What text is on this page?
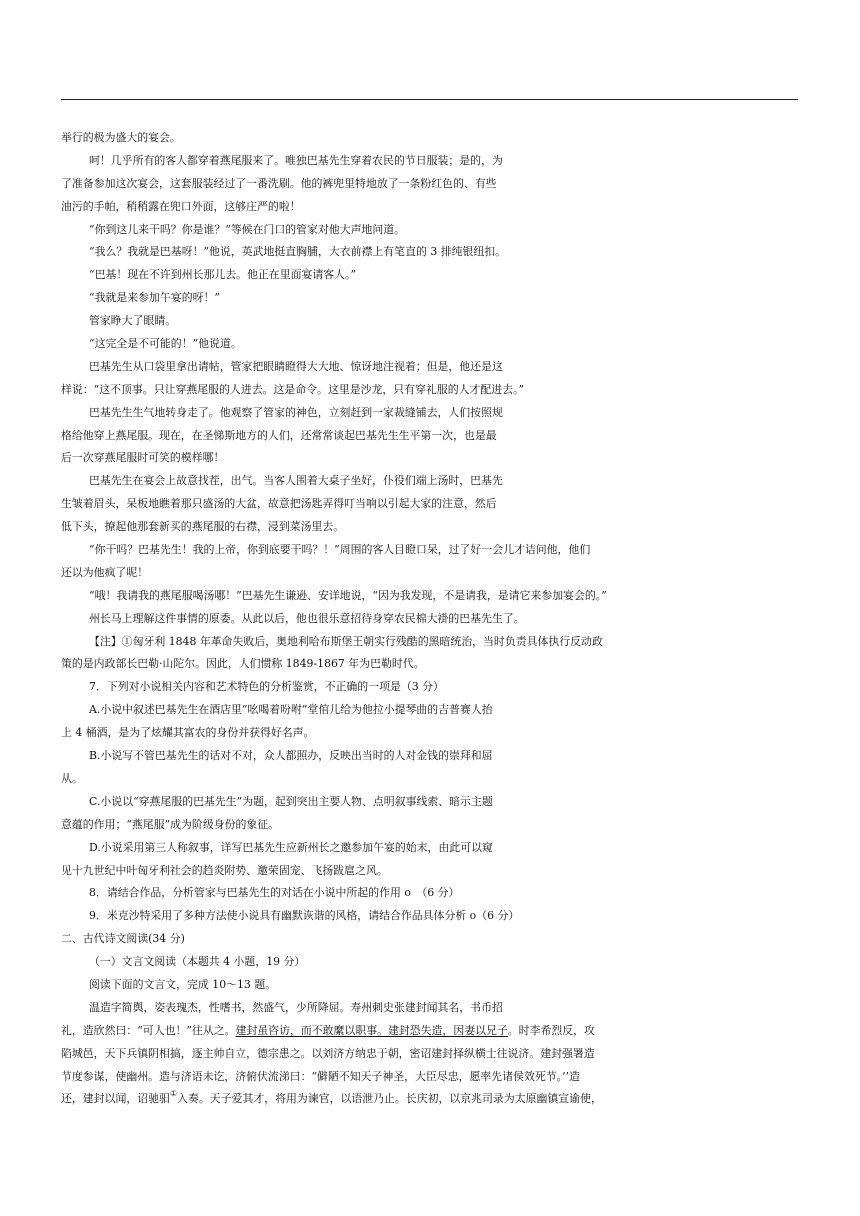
举行的极为盛大的宴会。
呵！几乎所有的客人都穿着燕尾服来了。唯独巴基先生穿着农民的节日服装；是的，为
了准备参加这次宴会，这套服装经过了一番洗刷。他的裤兜里特地放了一条粉红色的、有些
油污的手帕，稍稍露在兜口外面，这够庄严的啦！
“你到这儿来干吗？你是谁？”等候在门口的管家对他大声地问道。
“我么？我就是巴基呀！”他说，英武地挺直胸脯，大衣前襟上有笔直的 3 排纯银纽扣。
“巴基！现在不许到州长那儿去。他正在里面宴请客人。”
“我就是来参加午宴的呀！”
管家睁大了眼睛。
“这完全是不可能的！”他说道。
巴基先生从口袋里拿出请帖，管家把眼睛瞪得大大地、惊讶地注视着；但是，他还是这
样说：“这不顶事。只让穿燕尾服的人进去。这是命令。这里是沙龙，只有穿礼服的人才配进去。”
巴基先生生气地转身走了。他观察了管家的神色，立刻赶到一家裁缝铺去，人们按照规
格给他穿上燕尾服。现在，在圣悌斯地方的人们，还常常谈起巴基先生生平第一次，也是最
后一次穿燕尾服时可笑的模样哪！
巴基先生在宴会上故意找茬，出气。当客人围着大桌子坐好，仆役们端上汤时，巴基先
生皱着眉头，呆板地瞧着那只盛汤的大盆，故意把汤匙弄得叮当响以引起大家的注意，然后
低下头，撩起他那套新买的燕尾服的右襟，浸到菜汤里去。
“你干吗？巴基先生！我的上帝，你到底要干吗？！”周围的客人目瞪口呆，过了好一会儿才诘问他，他们
还以为他疯了呢！
“哦！我请我的燕尾服喝汤哪！”巴基先生谦逊、安详地说，“因为我发现，不是请我，是请它来参加宴会的。”
州长马上理解这件事情的原委。从此以后，他也很乐意招待身穿农民棉大褂的巴基先生了。
【注】①匈牙利 1848 年革命失败后，奥地利哈布斯堡王朝实行残酷的黑暗统治，当时负责具体执行反动政
策的是内政部长巴勒·山陀尔。因此，人们惯称 1849-1867 年为巴勒时代。
7．下列对小说相关内容和艺术特色的分析鉴赏，不正确的一项是（3 分）
A.小说中叙述巴基先生在酒店里“吆喝着吩咐”堂倌儿给为他拉小提琴曲的吉普赛人抬
上 4 桶酒，是为了炫耀其富农的身份并获得好名声。
B.小说写不管巴基先生的话对不对，众人都照办，反映出当时的人对金钱的崇拜和屈
从。
C.小说以“穿燕尾服的巴基先生”为题，起到突出主要人物、点明叙事线索、暗示主题
意蕴的作用；“燕尾服”成为阶级身份的象征。
D.小说采用第三人称叙事，详写巴基先生应新州长之邀参加午宴的始末，由此可以窥
见十九世纪中叶匈牙利社会的趋炎附势、邀荣固宠、飞扬跋扈之风。
8．请结合作品，分析管家与巴基先生的对话在小说中所起的作用 o　（6 分）
9．米克沙特采用了多种方法使小说具有幽默诙谐的风格，请结合作品具体分析 o（6 分）
二、古代诗文阅读(34 分)
（一）文言文阅读（本题共 4 小题，19 分）
阅读下面的文言文，完成 10～13 题。
温造字简舆，姿表瑰杰，性嗜书，然盛气，少所降屈。寿州刺史张建封闻其名，书币招
礼，造欣然曰：“可人也！”往从之。建封虽咨访，而不敢縻以职事。建封恐失造，因妻以兄子。时李希烈反，攻
陷城邑，天下兵镇阴相搞，逐主帅自立，德宗患之。以刘济方纳忠于朝，密诏建封择纵横士往说济。建封强署造
节度参谋，使幽州。造与济语未讫，济俯伏流涕曰：“僻陋不知天子神圣，大臣尽忠，愿率先诸侯效死节。’’造
还，建封以闻，诏驰驲①入奏。天子爱其才，将用为谏官，以语泄乃止。长庆初，以京兆司录为太原幽镇宣谕使，
